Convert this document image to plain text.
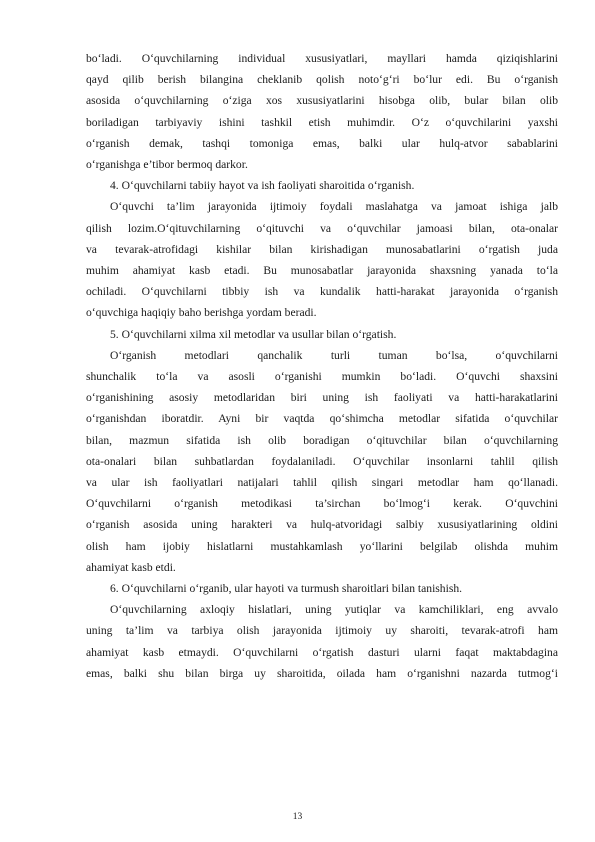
bo‘ladi. O‘quvchilarning individual xususiyatlari, mayllari hamda qiziqishlarini
qayd qilib berish bilangina cheklanib qolish noto‘g‘ri bo‘lur edi. Bu o‘rganish
asosida o‘quvchilarning o‘ziga xos xususiyatlarini hisobga olib, bular bilan olib
boriladigan tarbiyaviy ishini tashkil etish muhimdir. O‘z o‘quvchilarini yaxshi
o‘rganish demak, tashqi tomoniga emas, balki ular hulq-atvor sabablarini
o‘rganishga e’tibor bermoq darkor.

4. O‘quvchilarni tabiiy hayot va ish faoliyati sharoitida o‘rganish.

O‘quvchi ta’lim jarayonida ijtimoiy foydali maslahatga va jamoat ishiga jalb
qilish lozim.O‘qituvchilarning o‘qituvchi va o‘quvchilar jamoasi bilan, ota-onalar
va tevarak-atrofidagi kishilar bilan kirishadigan munosabatlarini o‘rgatish juda
muhim ahamiyat kasb etadi. Bu munosabatlar jarayonida shaxsning yanada to‘la
ochiladi. O‘quvchilarni tibbiy ish va kundalik hatti-harakat jarayonida o‘rganish
o‘quvchiga haqiqiy baho berishga yordam beradi.

5. O‘quvchilarni xilma xil metodlar va usullar bilan o‘rgatish.

O‘rganish metodlari qanchalik turli tuman bo‘lsa, o‘quvchilarni
shunchalik to‘la va asosli o‘rganishi mumkin bo‘ladi. O‘quvchi shaxsini
o‘rganishining asosiy metodlaridan biri uning ish faoliyati va hatti-harakatlarini
o‘rganishdan iboratdir. Ayni bir vaqtda qo‘shimcha metodlar sifatida o‘quvchilar
bilan, mazmun sifatida ish olib boradigan o‘qituvchilar bilan o‘quvchilarning
ota-onalari bilan suhbatlardan foydalaniladi. O‘quvchilar insonlarni tahlil qilish
va ular ish faoliyatlari natijalari tahlil qilish singari metodlar ham qo‘llanadi.
O‘quvchilarni o‘rganish metodikasi ta’sirchan bo‘lmog‘i kerak. O‘quvchini
o‘rganish asosida uning harakteri va hulq-atvoridagi salbiy xususiyatlarining oldini
olish ham ijobiy hislatlarni mustahkamlash yo‘llarini belgilab olishda muhim
ahamiyat kasb etdi.

6. O‘quvchilarni o‘rganib, ular hayoti va turmush sharoitlari bilan tanishish.

O‘quvchilarning axloqiy hislatlari, uning yutiqlar va kamchiliklari, eng avvalo
uning ta’lim va tarbiya olish jarayonida ijtimoiy uy sharoiti, tevarak-atrofi ham
ahamiyat kasb etmaydi. O‘quvchilarni o‘rgatish dasturi ularni faqat maktabdagina
emas, balki shu bilan birga uy sharoitida, oilada ham o‘rganishni nazarda tutmog‘i

13
